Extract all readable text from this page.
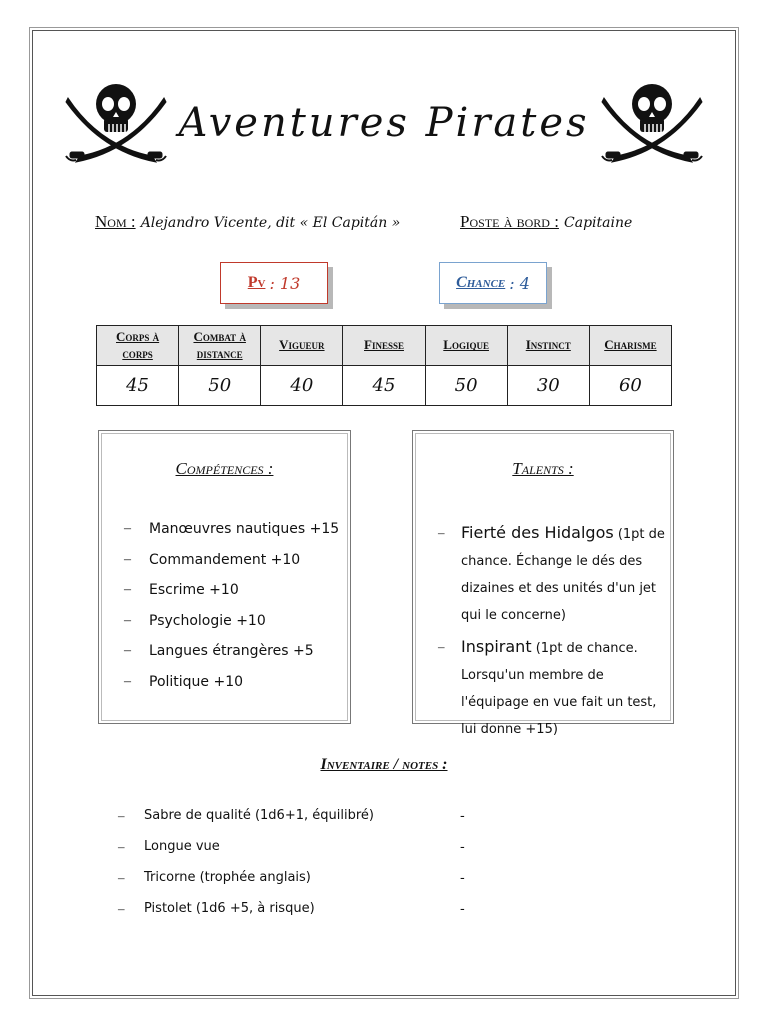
Aventures Pirates
Nom : Alejandro Vicente, dit « El Capitán »	Poste à bord : Capitaine
Pv : 13	Chance : 4
Corps à corps	Combat à distance	Vigueur	Finesse	Logique	Instinct	Charisme
45	50	40	45	50	30	60
Compétences :
– Manœuvres nautiques +15
– Commandement +10
– Escrime +10
– Psychologie +10
– Langues étrangères +5
– Politique +10
Talents :
– Fierté des Hidalgos (1pt de chance. Échange le dés des dizaines et des unités d'un jet qui le concerne)
– Inspirant (1pt de chance. Lorsqu'un membre de l'équipage en vue fait un test, lui donne +15)
Inventaire / notes :
– Sabre de qualité (1d6+1, équilibré)
– Longue vue
– Tricorne (trophée anglais)
– Pistolet (1d6 +5, à risque)
-
-
-
-
